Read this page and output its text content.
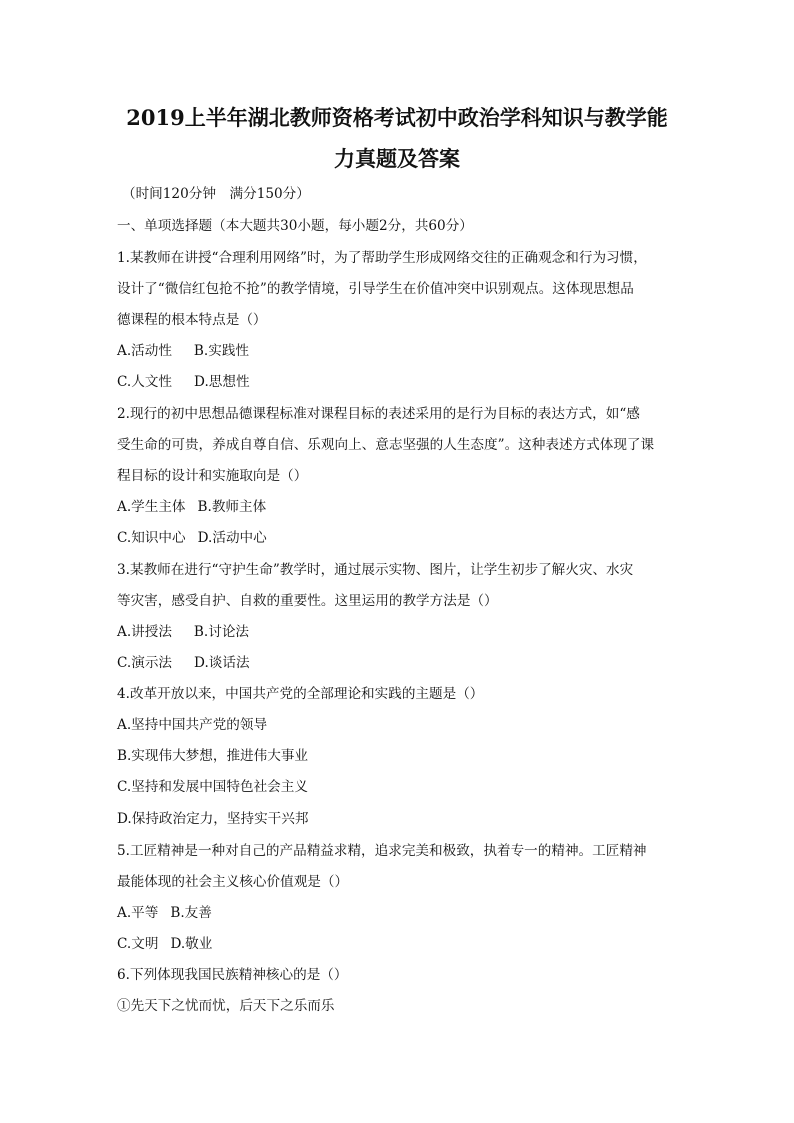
2019上半年湖北教师资格考试初中政治学科知识与教学能
力真题及答案
（时间120分钟　满分150分）
一、单项选择题（本大题共30小题，每小题2分，共60分）
1.某教师在讲授“合理利用网络”时，为了帮助学生形成网络交往的正确观念和行为习惯，
设计了“微信红包抢不抢”的教学情境，引导学生在价值冲突中识别观点。这体现思想品
德课程的根本特点是（）
A.活动性 B.实践性
C.人文性 D.思想性
2.现行的初中思想品德课程标准对课程目标的表述采用的是行为目标的表达方式，如“感
受生命的可贵，养成自尊自信、乐观向上、意志坚强的人生态度”。这种表述方式体现了课
程目标的设计和实施取向是（）
A.学生主体 B.教师主体
C.知识中心 D.活动中心
3.某教师在进行“守护生命”教学时，通过展示实物、图片，让学生初步了解火灾、水灾
等灾害，感受自护、自救的重要性。这里运用的教学方法是（）
A.讲授法 B.讨论法
C.演示法 D.谈话法
4.改革开放以来，中国共产党的全部理论和实践的主题是（）
A.坚持中国共产党的领导
B.实现伟大梦想，推进伟大事业
C.坚持和发展中国特色社会主义
D.保持政治定力，坚持实干兴邦
5.工匠精神是一种对自己的产品精益求精，追求完美和极致，执着专一的精神。工匠精神
最能体现的社会主义核心价值观是（）
A.平等 B.友善
C.文明 D.敬业
6.下列体现我国民族精神核心的是（）
①先天下之忧而忧，后天下之乐而乐
